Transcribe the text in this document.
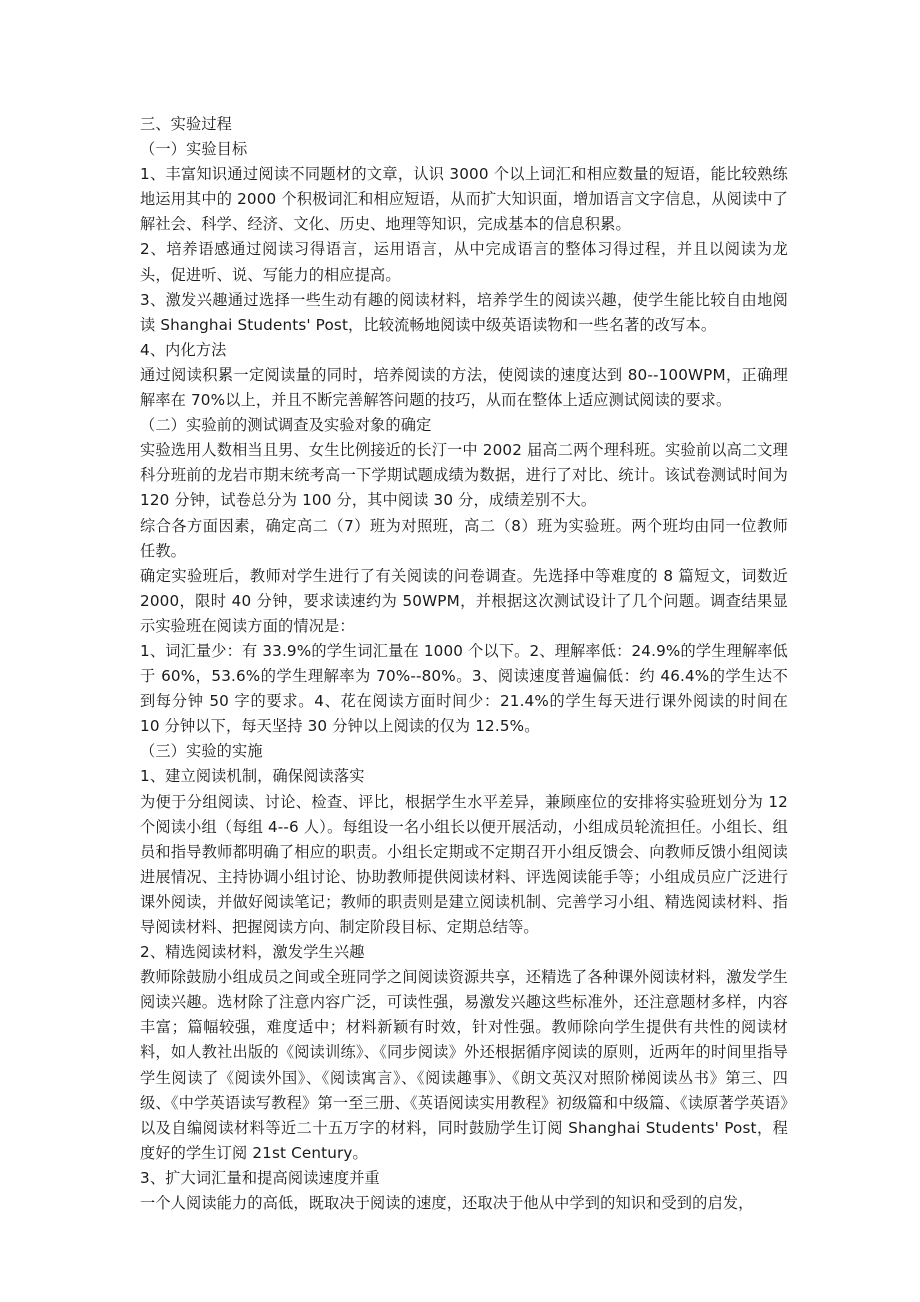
三、实验过程

（一）实验目标

1、丰富知识通过阅读不同题材的文章，认识 3000 个以上词汇和相应数量的短语，能比较熟练地运用其中的 2000 个积极词汇和相应短语，从而扩大知识面，增加语言文字信息，从阅读中了解社会、科学、经济、文化、历史、地理等知识，完成基本的信息积累。

2、培养语感通过阅读习得语言，运用语言，从中完成语言的整体习得过程，并且以阅读为龙头，促进听、说、写能力的相应提高。

3、激发兴趣通过选择一些生动有趣的阅读材料，培养学生的阅读兴趣，使学生能比较自由地阅读 Shanghai Students' Post，比较流畅地阅读中级英语读物和一些名著的改写本。

4、内化方法

通过阅读积累一定阅读量的同时，培养阅读的方法，使阅读的速度达到 80--100WPM，正确理解率在 70%以上，并且不断完善解答问题的技巧，从而在整体上适应测试阅读的要求。

（二）实验前的测试调查及实验对象的确定

实验选用人数相当且男、女生比例接近的长汀一中 2002 届高二两个理科班。实验前以高二文理科分班前的龙岩市期末统考高一下学期试题成绩为数据，进行了对比、统计。该试卷测试时间为 120 分钟，试卷总分为 100 分，其中阅读 30 分，成绩差别不大。

综合各方面因素，确定高二（7）班为对照班，高二（8）班为实验班。两个班均由同一位教师任教。

确定实验班后，教师对学生进行了有关阅读的问卷调查。先选择中等难度的 8 篇短文，词数近 2000，限时 40 分钟，要求读速约为 50WPM，并根据这次测试设计了几个问题。调查结果显示实验班在阅读方面的情况是：

1、词汇量少：有 33.9%的学生词汇量在 1000 个以下。2、理解率低：24.9%的学生理解率低于 60%，53.6%的学生理解率为 70%--80%。3、阅读速度普遍偏低：约 46.4%的学生达不到每分钟 50 字的要求。4、花在阅读方面时间少：21.4%的学生每天进行课外阅读的时间在 10 分钟以下，每天坚持 30 分钟以上阅读的仅为 12.5%。

（三）实验的实施

1、建立阅读机制，确保阅读落实

为便于分组阅读、讨论、检查、评比，根据学生水平差异，兼顾座位的安排将实验班划分为 12 个阅读小组（每组 4--6 人）。每组设一名小组长以便开展活动，小组成员轮流担任。小组长、组员和指导教师都明确了相应的职责。小组长定期或不定期召开小组反馈会、向教师反馈小组阅读进展情况、主持协调小组讨论、协助教师提供阅读材料、评选阅读能手等；小组成员应广泛进行课外阅读，并做好阅读笔记；教师的职责则是建立阅读机制、完善学习小组、精选阅读材料、指导阅读材料、把握阅读方向、制定阶段目标、定期总结等。

2、精选阅读材料，激发学生兴趣

教师除鼓励小组成员之间或全班同学之间阅读资源共享，还精选了各种课外阅读材料，激发学生阅读兴趣。选材除了注意内容广泛，可读性强，易激发兴趣这些标准外，还注意题材多样，内容丰富；篇幅较强，难度适中；材料新颖有时效，针对性强。教师除向学生提供有共性的阅读材料，如人教社出版的《阅读训练》、《同步阅读》外还根据循序阅读的原则，近两年的时间里指导学生阅读了《阅读外国》、《阅读寓言》、《阅读趣事》、《朗文英汉对照阶梯阅读丛书》第三、四级、《中学英语读写教程》第一至三册、《英语阅读实用教程》初级篇和中级篇、《读原著学英语》以及自编阅读材料等近二十五万字的材料，同时鼓励学生订阅 Shanghai Students' Post，程度好的学生订阅 21st Century。

3、扩大词汇量和提高阅读速度并重

一个人阅读能力的高低，既取决于阅读的速度，还取决于他从中学到的知识和受到的启发，
